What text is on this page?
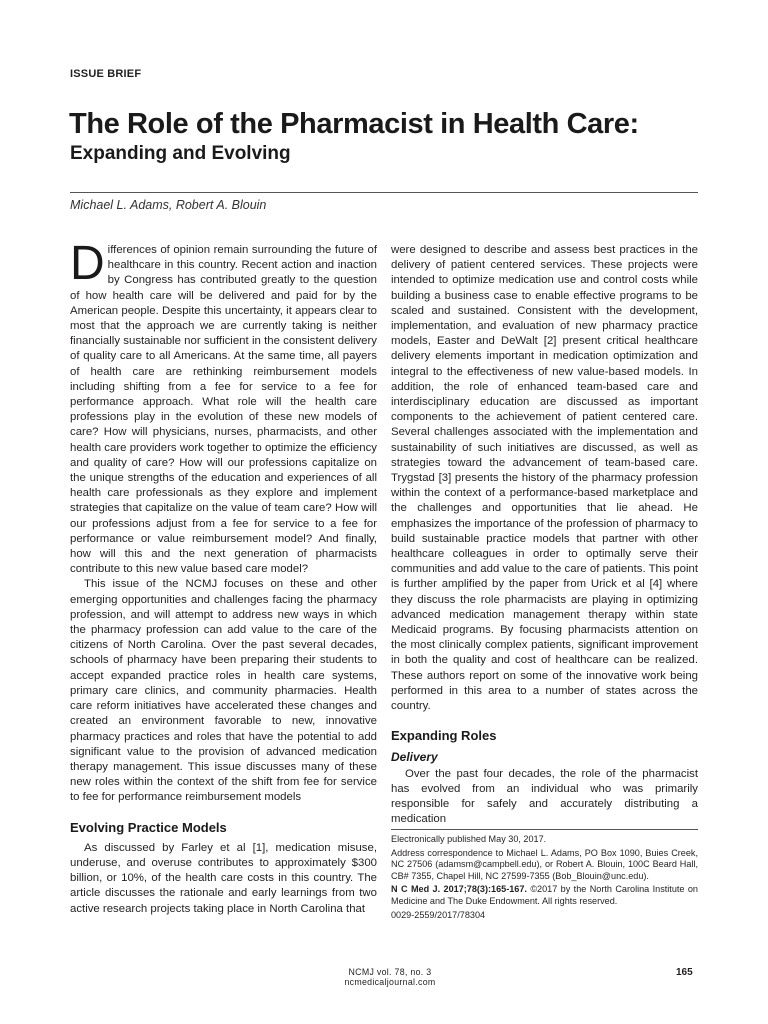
ISSUE BRIEF
The Role of the Pharmacist in Health Care:
Expanding and Evolving
Michael L. Adams, Robert A. Blouin

Differences of opinion remain surrounding the future of healthcare in this country. Recent action and inaction by Congress has contributed greatly to the question of how health care will be delivered and paid for by the American people. Despite this uncertainty, it appears clear to most that the approach we are currently taking is neither financially sustainable nor sufficient in the consistent delivery of quality care to all Americans. At the same time, all payers of health care are rethinking reimbursement models including shifting from a fee for service to a fee for performance approach. What role will the health care professions play in the evolution of these new models of care? How will physicians, nurses, pharmacists, and other health care providers work together to optimize the efficiency and quality of care? How will our professions capitalize on the unique strengths of the education and experiences of all health care professionals as they explore and implement strategies that capitalize on the value of team care? How will our professions adjust from a fee for service to a fee for performance or value reimbursement model? And finally, how will this and the next generation of pharmacists contribute to this new value based care model?

This issue of the NCMJ focuses on these and other emerging opportunities and challenges facing the pharmacy profession, and will attempt to address new ways in which the pharmacy profession can add value to the care of the citizens of North Carolina. Over the past several decades, schools of pharmacy have been preparing their students to accept expanded practice roles in health care systems, primary care clinics, and community pharmacies. Health care reform initiatives have accelerated these changes and created an environment favorable to new, innovative pharmacy practices and roles that have the potential to add significant value to the provision of advanced medication therapy management. This issue discusses many of these new roles within the context of the shift from fee for service to fee for performance reimbursement models

Evolving Practice Models

As discussed by Farley et al [1], medication misuse, underuse, and overuse contributes to approximately $300 billion, or 10%, of the health care costs in this country. The article discusses the rationale and early learnings from two active research projects taking place in North Carolina that

were designed to describe and assess best practices in the delivery of patient centered services. These projects were intended to optimize medication use and control costs while building a business case to enable effective programs to be scaled and sustained. Consistent with the development, implementation, and evaluation of new pharmacy practice models, Easter and DeWalt [2] present critical healthcare delivery elements important in medication optimization and integral to the effectiveness of new value-based models. In addition, the role of enhanced team-based care and interdisciplinary education are discussed as important components to the achievement of patient centered care. Several challenges associated with the implementation and sustainability of such initiatives are discussed, as well as strategies toward the advancement of team-based care. Trygstad [3] presents the history of the pharmacy profession within the context of a performance-based marketplace and the challenges and opportunities that lie ahead. He emphasizes the importance of the profession of pharmacy to build sustainable practice models that partner with other healthcare colleagues in order to optimally serve their communities and add value to the care of patients. This point is further amplified by the paper from Urick et al [4] where they discuss the role pharmacists are playing in optimizing advanced medication management therapy within state Medicaid programs. By focusing pharmacists attention on the most clinically complex patients, significant improvement in both the quality and cost of healthcare can be realized. These authors report on some of the innovative work being performed in this area to a number of states across the country.

Expanding Roles
Delivery

Over the past four decades, the role of the pharmacist has evolved from an individual who was primarily responsible for safely and accurately distributing a medication

Electronically published May 30, 2017.

Address correspondence to Michael L. Adams, PO Box 1090, Buies Creek, NC 27506 (adamsm@campbell.edu), or Robert A. Blouin, 100C Beard Hall, CB# 7355, Chapel Hill, NC 27599-7355 (Bob_Blouin@unc.edu).

N C Med J. 2017;78(3):165-167. ©2017 by the North Carolina Institute on Medicine and The Duke Endowment. All rights reserved.

0029-2559/2017/78304

NCMJ vol. 78, no. 3
ncmedicaljournal.com
165
